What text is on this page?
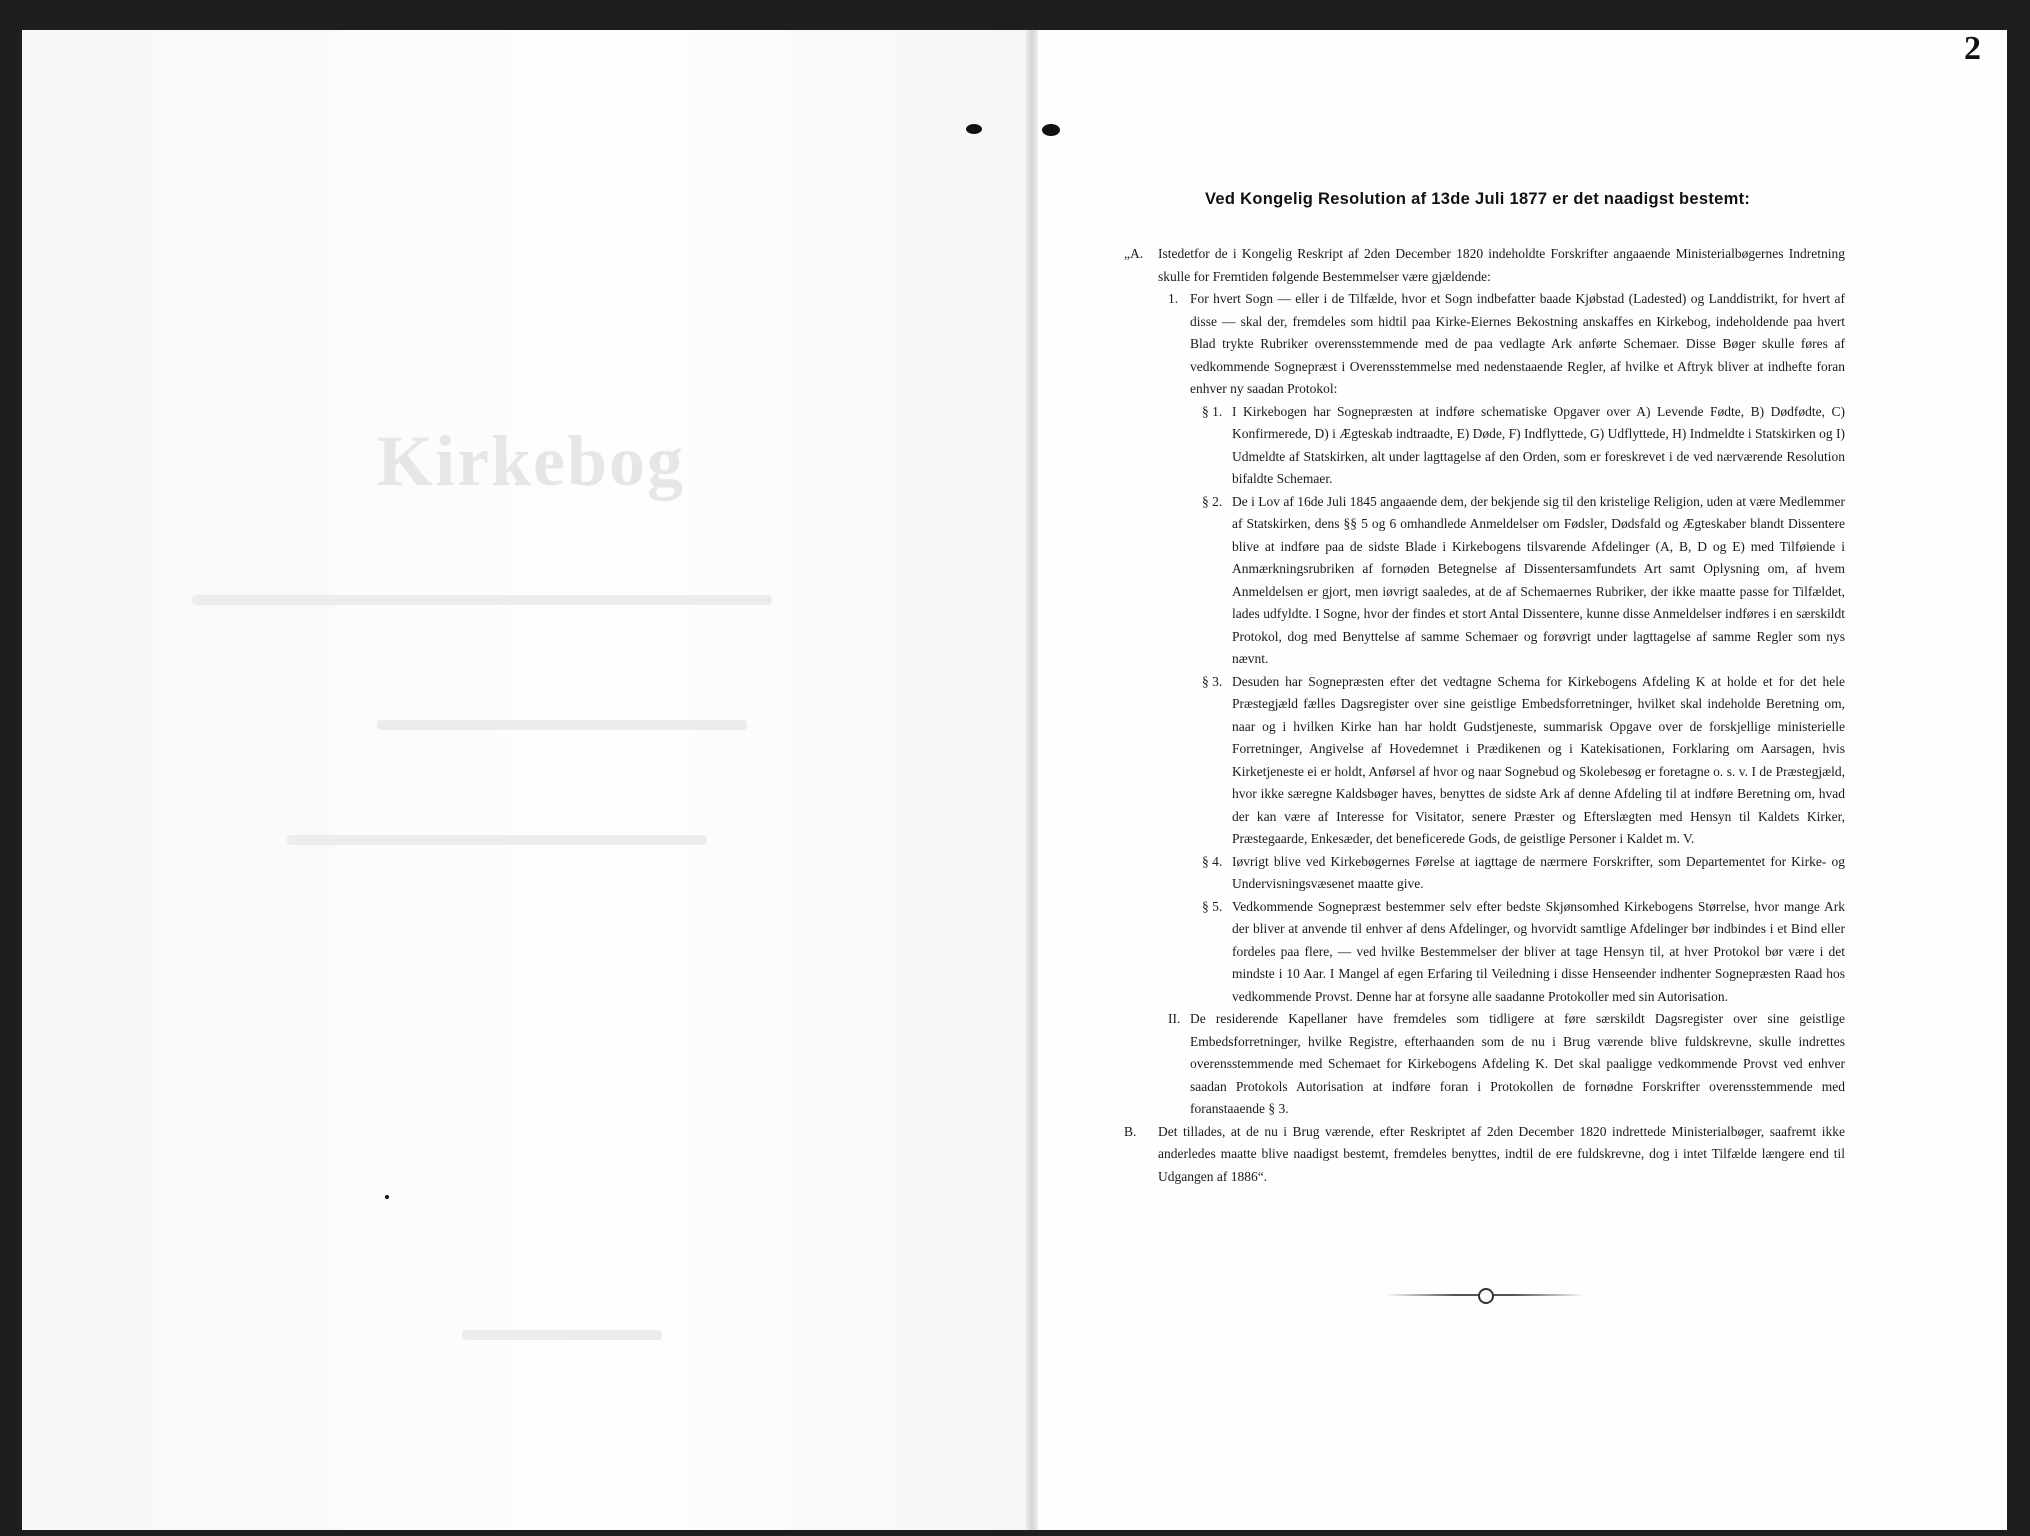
Kirkebog
2
Ved Kongelig Resolution af 13de Juli 1877 er det naadigst bestemt:
„A. Istedetfor de i Kongelig Reskript af 2den December 1820 indeholdte Forskrifter angaaende Ministerialbøgernes Indretning skulle for Fremtiden følgende Bestemmelser være gjældende:
1. For hvert Sogn — eller i de Tilfælde, hvor et Sogn indbefatter baade Kjøbstad (Ladested) og Landdistrikt, for hvert af disse — skal der, fremdeles som hidtil paa Kirke-Eiernes Bekostning anskaffes en Kirkebog, indeholdende paa hvert Blad trykte Rubriker overensstemmende med de paa vedlagte Ark anførte Schemaer. Disse Bøger skulle føres af vedkommende Sognepræst i Overensstemmelse med nedenstaaende Regler, af hvilke et Aftryk bliver at indhefte foran enhver ny saadan Protokol:
§ 1. I Kirkebogen har Sognepræsten at indføre schematiske Opgaver over A) Levende Fødte, B) Dødfødte, C) Konfirmerede, D) i Ægteskab indtraadte, E) Døde, F) Indflyttede, G) Udflyttede, H) Indmeldte i Statskirken og I) Udmeldte af Statskirken, alt under lagttagelse af den Orden, som er foreskrevet i de ved nærværende Resolution bifaldte Schemaer.
§ 2. De i Lov af 16de Juli 1845 angaaende dem, der bekjende sig til den kristelige Religion, uden at være Medlemmer af Statskirken, dens §§ 5 og 6 omhandlede Anmeldelser om Fødsler, Dødsfald og Ægteskaber blandt Dissentere blive at indføre paa de sidste Blade i Kirkebogens tilsvarende Afdelinger (A, B, D og E) med Tilføiende i Anmærkningsrubriken af fornøden Betegnelse af Dissentersamfundets Art samt Oplysning om, af hvem Anmeldelsen er gjort, men iøvrigt saaledes, at de af Schemaernes Rubriker, der ikke maatte passe for Tilfældet, lades udfyldte. I Sogne, hvor der findes et stort Antal Dissentere, kunne disse Anmeldelser indføres i en særskildt Protokol, dog med Benyttelse af samme Schemaer og forøvrigt under lagttagelse af samme Regler som nys nævnt.
§ 3. Desuden har Sognepræsten efter det vedtagne Schema for Kirkebogens Afdeling K at holde et for det hele Præstegjæld fælles Dagsregister over sine geistlige Embedsforretninger, hvilket skal indeholde Beretning om, naar og i hvilken Kirke han har holdt Gudstjeneste, summarisk Opgave over de forskjellige ministerielle Forretninger, Angivelse af Hovedemnet i Prædikenen og i Katekisationen, Forklaring om Aarsagen, hvis Kirketjeneste ei er holdt, Anførsel af hvor og naar Sognebud og Skolebesøg er foretagne o. s. v. I de Præstegjæld, hvor ikke særegne Kaldsbøger haves, benyttes de sidste Ark af denne Afdeling til at indføre Beretning om, hvad der kan være af Interesse for Visitator, senere Præster og Efterslægten med Hensyn til Kaldets Kirker, Præstegaarde, Enkesæder, det beneficerede Gods, de geistlige Personer i Kaldet m. V.
§ 4. Iøvrigt blive ved Kirkebøgernes Førelse at iagttage de nærmere Forskrifter, som Departementet for Kirke- og Undervisningsvæsenet maatte give.
§ 5. Vedkommende Sognepræst bestemmer selv efter bedste Skjønsomhed Kirkebogens Størrelse, hvor mange Ark der bliver at anvende til enhver af dens Afdelinger, og hvorvidt samtlige Afdelinger bør indbindes i et Bind eller fordeles paa flere, — ved hvilke Bestemmelser der bliver at tage Hensyn til, at hver Protokol bør være i det mindste i 10 Aar. I Mangel af egen Erfaring til Veiledning i disse Henseender indhenter Sognepræsten Raad hos vedkommende Provst. Denne har at forsyne alle saadanne Protokoller med sin Autorisation.
II. De residerende Kapellaner have fremdeles som tidligere at føre særskildt Dagsregister over sine geistlige Embedsforretninger, hvilke Registre, efterhaanden som de nu i Brug værende blive fuldskrevne, skulle indrettes overensstemmende med Schemaet for Kirkebogens Afdeling K. Det skal paaligge vedkommende Provst ved enhver saadan Protokols Autorisation at indføre foran i Protokollen de fornødne Forskrifter overensstemmende med foranstaaende § 3.
B. Det tillades, at de nu i Brug værende, efter Reskriptet af 2den December 1820 indrettede Ministerialbøger, saafremt ikke anderledes maatte blive naadigst bestemt, fremdeles benyttes, indtil de ere fuldskrevne, dog i intet Tilfælde længere end til Udgangen af 1886“.
